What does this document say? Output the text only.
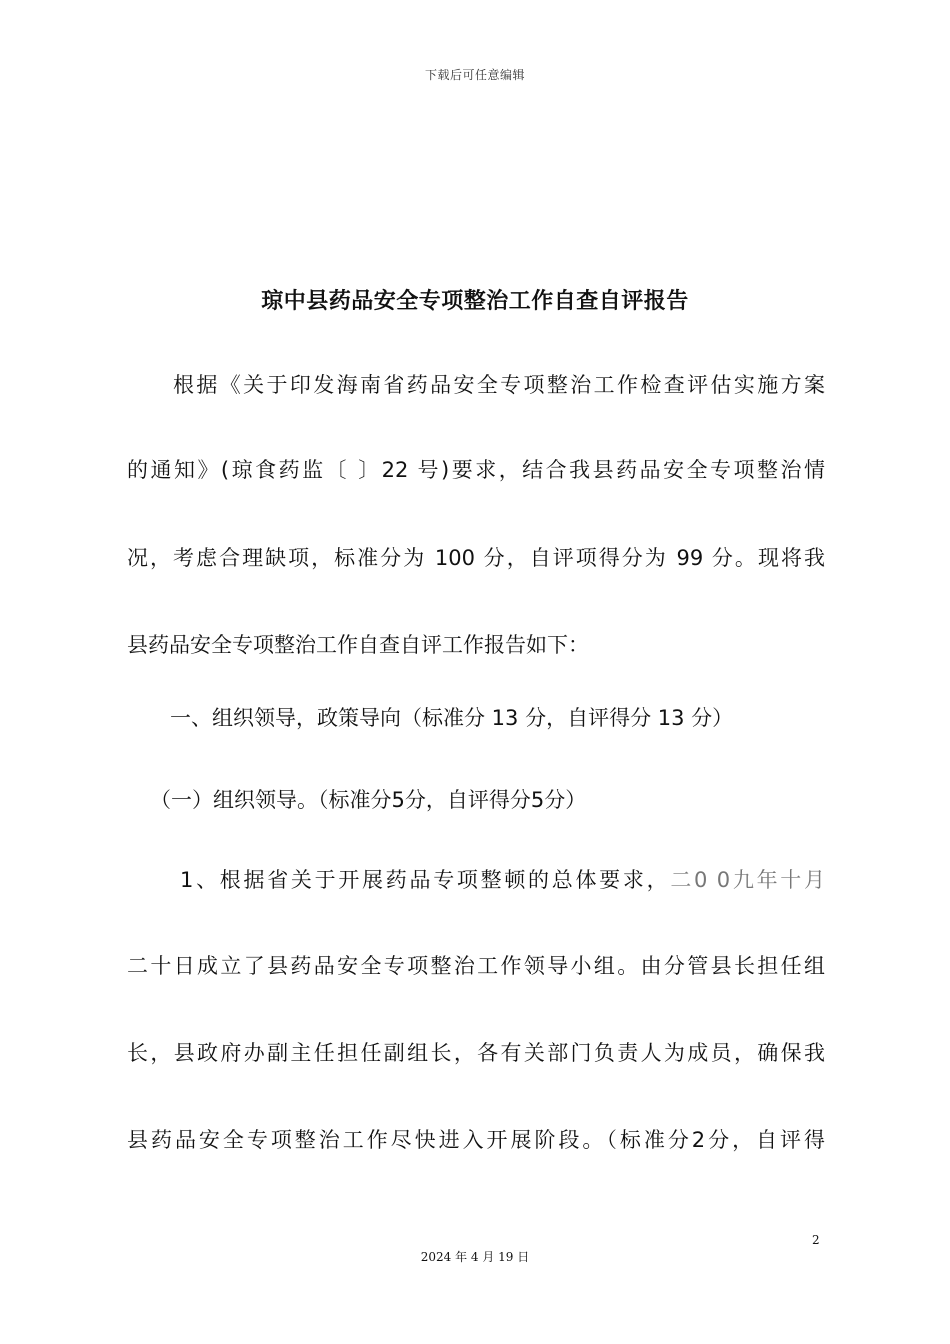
下载后可任意编辑
琼中县药品安全专项整治工作自查自评报告
根据《关于印发海南省药品安全专项整治工作检查评估实施方案
的通知》(琼食药监〔 〕22 号)要求，结合我县药品安全专项整治情
况，考虑合理缺项，标准分为 100 分，自评项得分为 99 分。现将我
县药品安全专项整治工作自查自评工作报告如下：
一、组织领导，政策导向（标准分 13 分，自评得分 13 分）
（一）组织领导。（标准分5分，自评得分5分）
1、根据省关于开展药品专项整顿的总体要求，二0 0九年十月
二十日成立了县药品安全专项整治工作领导小组。由分管县长担任组
长，县政府办副主任担任副组长，各有关部门负责人为成员，确保我
县药品安全专项整治工作尽快进入开展阶段。（标准分2分，自评得
2
2024 年 4 月 19 日
